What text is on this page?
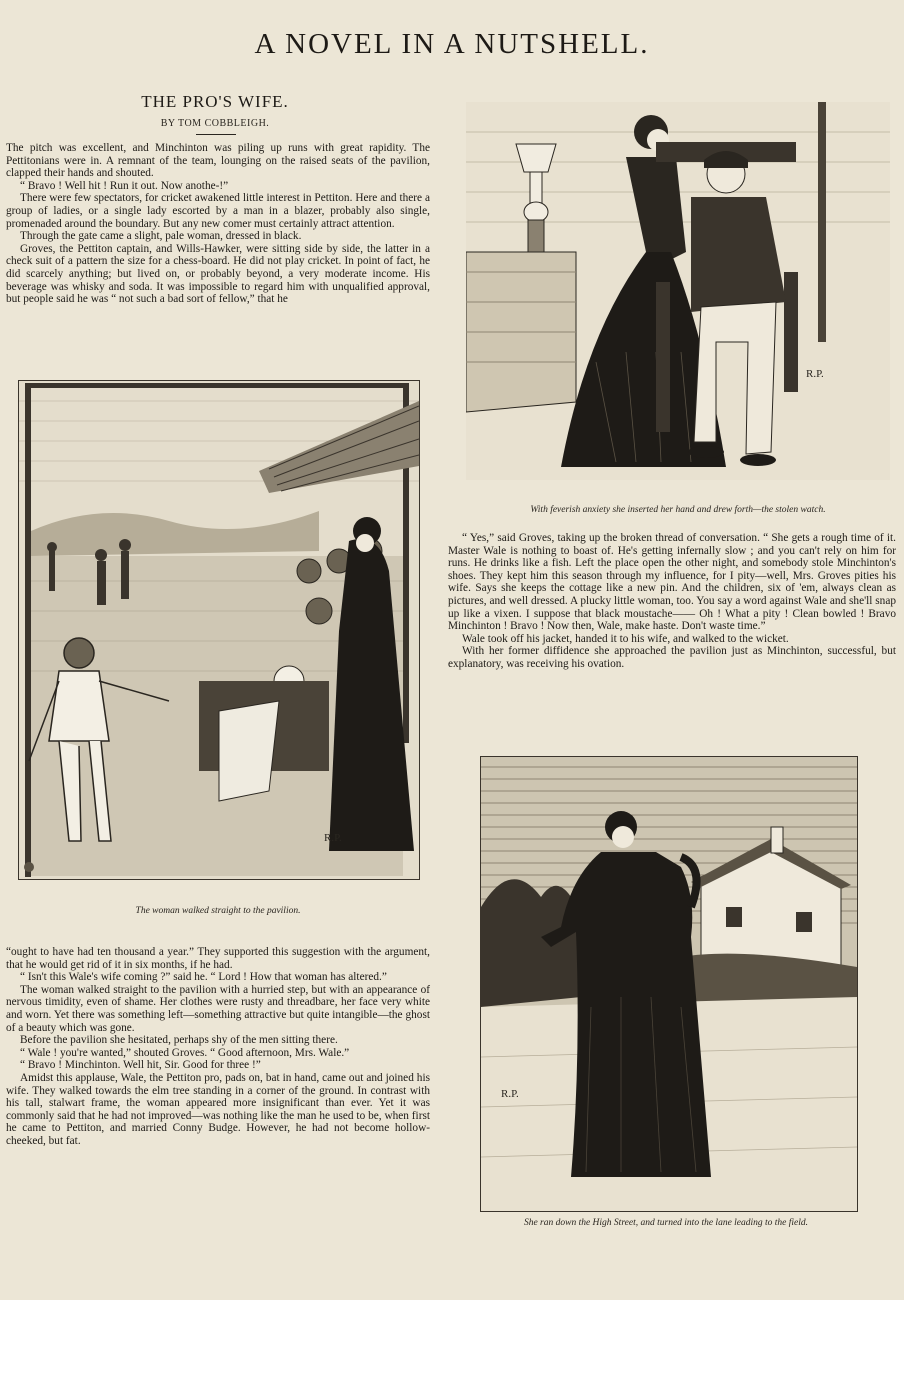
A NOVEL IN A NUTSHELL.
THE PRO'S WIFE.
BY TOM COBBLEIGH.

The pitch was excellent, and Minchinton was piling up runs with great rapidity. The Pettitonians were in. A remnant of the team, lounging on the raised seats of the pavilion, clapped their hands and shouted.

“ Bravo ! Well hit ! Run it out. Now anothe-!”

There were few spectators, for cricket awakened little interest in Pettiton. Here and there a group of ladies, or a single lady escorted by a man in a blazer, probably also single, promenaded around the boundary. But any new comer must certainly attract attention.

Through the gate came a slight, pale woman, dressed in black.

Groves, the Pettiton captain, and Wills-Hawker, were sitting side by side, the latter in a check suit of a pattern the size for a chess-board. He did not play cricket. In point of fact, he did scarcely anything; but lived on, or probably beyond, a very moderate income. His beverage was whisky and soda. It was impossible to regard him with unqualified approval, but people said he was “ not such a bad sort of fellow,” that he

R.P.
The woman walked straight to the pavilion.

“ought to have had ten thousand a year.” They supported this suggestion with the argument, that he would get rid of it in six months, if he had.

“ Isn't this Wale's wife coming ?” said he. “ Lord ! How that woman has altered.”

The woman walked straight to the pavilion with a hurried step, but with an appearance of nervous timidity, even of shame. Her clothes were rusty and threadbare, her face very white and worn. Yet there was something left—something attractive but quite intangible—the ghost of a beauty which was gone.

Before the pavilion she hesitated, perhaps shy of the men sitting there.

“ Wale ! you're wanted,” shouted Groves. “ Good afternoon, Mrs. Wale.”

“ Bravo ! Minchinton. Well hit, Sir. Good for three !”

Amidst this applause, Wale, the Pettiton pro, pads on, bat in hand, came out and joined his wife. They walked towards the elm tree standing in a corner of the ground. In contrast with his tall, stalwart frame, the woman appeared more insignificant than ever. Yet it was commonly said that he had not improved—was nothing like the man he used to be, when first he came to Pettiton, and married Conny Budge. However, he had not become hollow-cheeked, but fat.

R.P.
With feverish anxiety she inserted her hand and drew forth—the stolen watch.

“ Yes,” said Groves, taking up the broken thread of conversation. “ She gets a rough time of it. Master Wale is nothing to boast of. He's getting infernally slow ; and you can't rely on him for runs. He drinks like a fish. Left the place open the other night, and somebody stole Minchinton's shoes. They kept him this season through my influence, for I pity—well, Mrs. Groves pities his wife. Says she keeps the cottage like a new pin. And the children, six of 'em, always clean as pictures, and well dressed. A plucky little woman, too. You say a word against Wale and she'll snap up like a vixen. I suppose that black moustache—— Oh ! What a pity ! Clean bowled ! Bravo Minchinton ! Bravo ! Now then, Wale, make haste. Don't waste time.”

Wale took off his jacket, handed it to his wife, and walked to the wicket.

With her former diffidence she approached the pavilion just as Minchinton, successful, but explanatory, was receiving his ovation.

R.P.
She ran down the High Street, and turned into the lane leading to the field.
